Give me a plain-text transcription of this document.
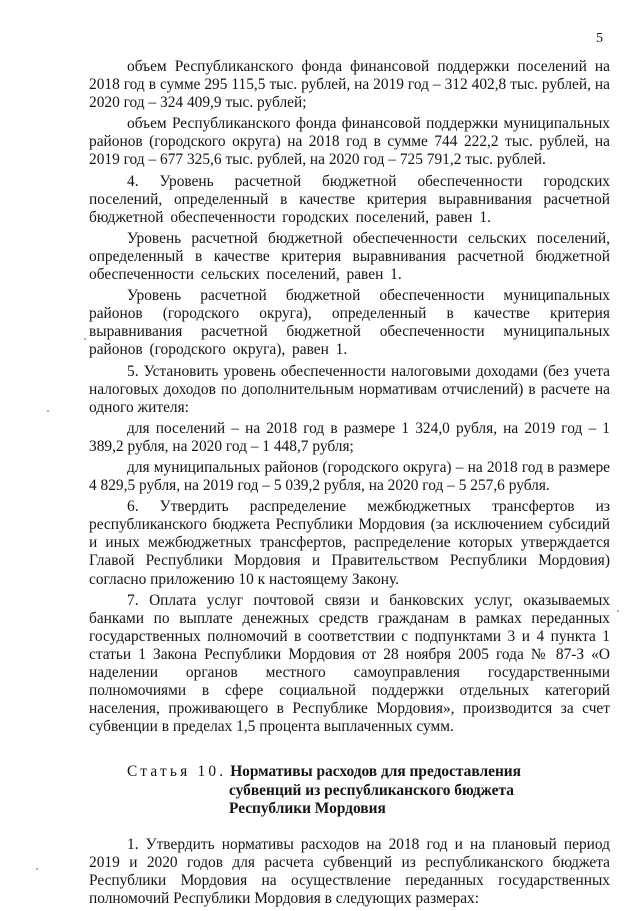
5

объем Республиканского фонда финансовой поддержки поселений на 2018 год в сумме 295 115,5 тыс. рублей, на 2019 год – 312 402,8 тыс. рублей, на 2020 год – 324 409,9 тыс. рублей;

объем Республиканского фонда финансовой поддержки муниципальных районов (городского округа) на 2018 год в сумме 744 222,2 тыс. рублей, на 2019 год – 677 325,6 тыс. рублей, на 2020 год – 725 791,2 тыс. рублей.

4. Уровень расчетной бюджетной обеспеченности городских поселений, определенный в качестве критерия выравнивания расчетной бюджетной обеспеченности городских поселений, равен 1.

Уровень расчетной бюджетной обеспеченности сельских поселений, определенный в качестве критерия выравнивания расчетной бюджетной обеспеченности сельских поселений, равен 1.

Уровень расчетной бюджетной обеспеченности муниципальных районов (городского округа), определенный в качестве критерия выравнивания расчетной бюджетной обеспеченности муниципальных районов (городского округа), равен 1.

5. Установить уровень обеспеченности налоговыми доходами (без учета налоговых доходов по дополнительным нормативам отчислений) в расчете на одного жителя:

для поселений – на 2018 год в размере 1 324,0 рубля, на 2019 год – 1 389,2 рубля, на 2020 год – 1 448,7 рубля;

для муниципальных районов (городского округа) – на 2018 год в размере 4 829,5 рубля, на 2019 год – 5 039,2 рубля, на 2020 год – 5 257,6 рубля.

6. Утвердить распределение межбюджетных трансфертов из республиканского бюджета Республики Мордовия (за исключением субсидий и иных межбюджетных трансфертов, распределение которых утверждается Главой Республики Мордовия и Правительством Республики Мордовия) согласно приложению 10 к настоящему Закону.

7. Оплата услуг почтовой связи и банковских услуг, оказываемых банками по выплате денежных средств гражданам в рамках переданных государственных полномочий в соответствии с подпунктами 3 и 4 пункта 1 статьи 1 Закона Республики Мордовия от 28 ноября 2005 года № 87-З «О наделении органов местного самоуправления государственными полномочиями в сфере социальной поддержки отдельных категорий населения, проживающего в Республике Мордовия», производится за счет субвенции в пределах 1,5 процента выплаченных сумм.

Статья 10. Нормативы расходов для предоставления
субвенций из республиканского бюджета
Республики Мордовия

1. Утвердить нормативы расходов на 2018 год и на плановый период 2019 и 2020 годов для расчета субвенций из республиканского бюджета Республики Мордовия на осуществление переданных государственных полномочий Республики Мордовия в следующих размерах:
